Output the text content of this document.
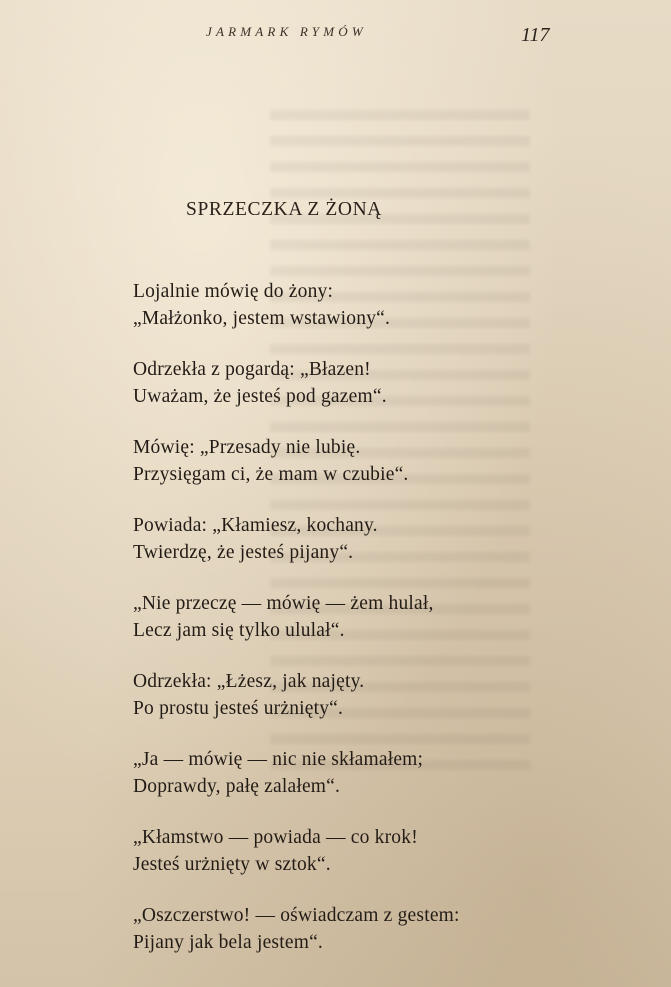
JARMARK RYMÓW	117
SPRZECZKA Z ŻONĄ
Lojalnie mówię do żony:
„Małżonko, jestem wstawiony“.
Odrzekła z pogardą: „Błazen!
Uważam, że jesteś pod gazem“.
Mówię: „Przesady nie lubię.
Przysięgam ci, że mam w czubie“.
Powiada: „Kłamiesz, kochany.
Twierdzę, że jesteś pijany“.
„Nie przeczę — mówię — żem hulał,
Lecz jam się tylko ululał“.
Odrzekła: „Łżesz, jak najęty.
Po prostu jesteś urżnięty“.
„Ja — mówię — nic nie skłamałem;
Doprawdy, pałę zalałem“.
„Kłamstwo — powiada — co krok!
Jesteś urżnięty w sztok“.
„Oszczerstwo! — oświadczam z gestem:
Pijany jak bela jestem“.
